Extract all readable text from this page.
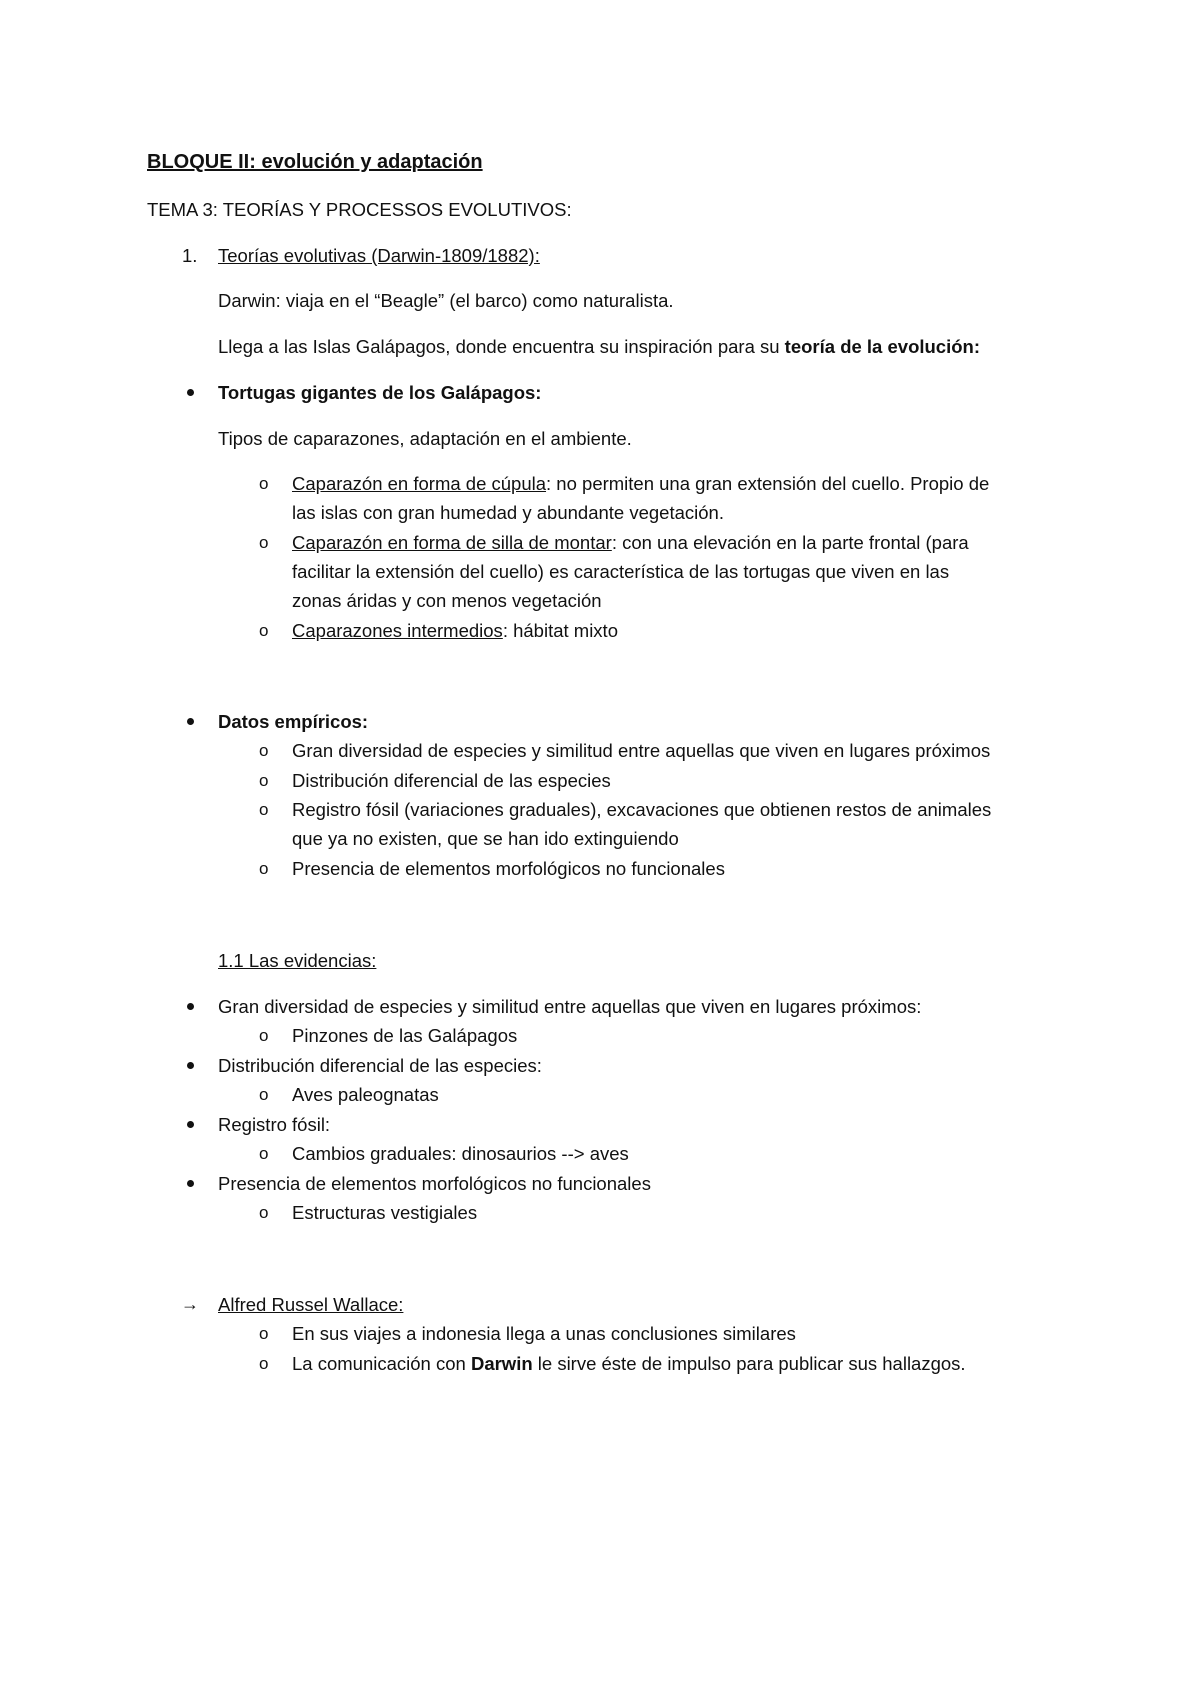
BLOQUE II: evolución y adaptación
TEMA 3: TEORÍAS Y PROCESSOS EVOLUTIVOS:
1. Teorías evolutivas (Darwin-1809/1882):
Darwin: viaja en el “Beagle” (el barco) como naturalista.
Llega a las Islas Galápagos, donde encuentra su inspiración para su teoría de la evolución:
Tortugas gigantes de los Galápagos:
Tipos de caparazones, adaptación en el ambiente.
o Caparazón en forma de cúpula: no permiten una gran extensión del cuello. Propio de
las islas con gran humedad y abundante vegetación.
o Caparazón en forma de silla de montar: con una elevación en la parte frontal (para
facilitar la extensión del cuello) es característica de las tortugas que viven en las
zonas áridas y con menos vegetación
o Caparazones intermedios: hábitat mixto
Datos empíricos:
o Gran diversidad de especies y similitud entre aquellas que viven en lugares próximos
o Distribución diferencial de las especies
o Registro fósil (variaciones graduales), excavaciones que obtienen restos de animales
que ya no existen, que se han ido extinguiendo
o Presencia de elementos morfológicos no funcionales
1.1 Las evidencias:
Gran diversidad de especies y similitud entre aquellas que viven en lugares próximos:
o Pinzones de las Galápagos
Distribución diferencial de las especies:
o Aves paleognatas
Registro fósil:
o Cambios graduales: dinosaurios --> aves
Presencia de elementos morfológicos no funcionales
o Estructuras vestigiales
→ Alfred Russel Wallace:
o En sus viajes a indonesia llega a unas conclusiones similares
o La comunicación con Darwin le sirve éste de impulso para publicar sus hallazgos.
